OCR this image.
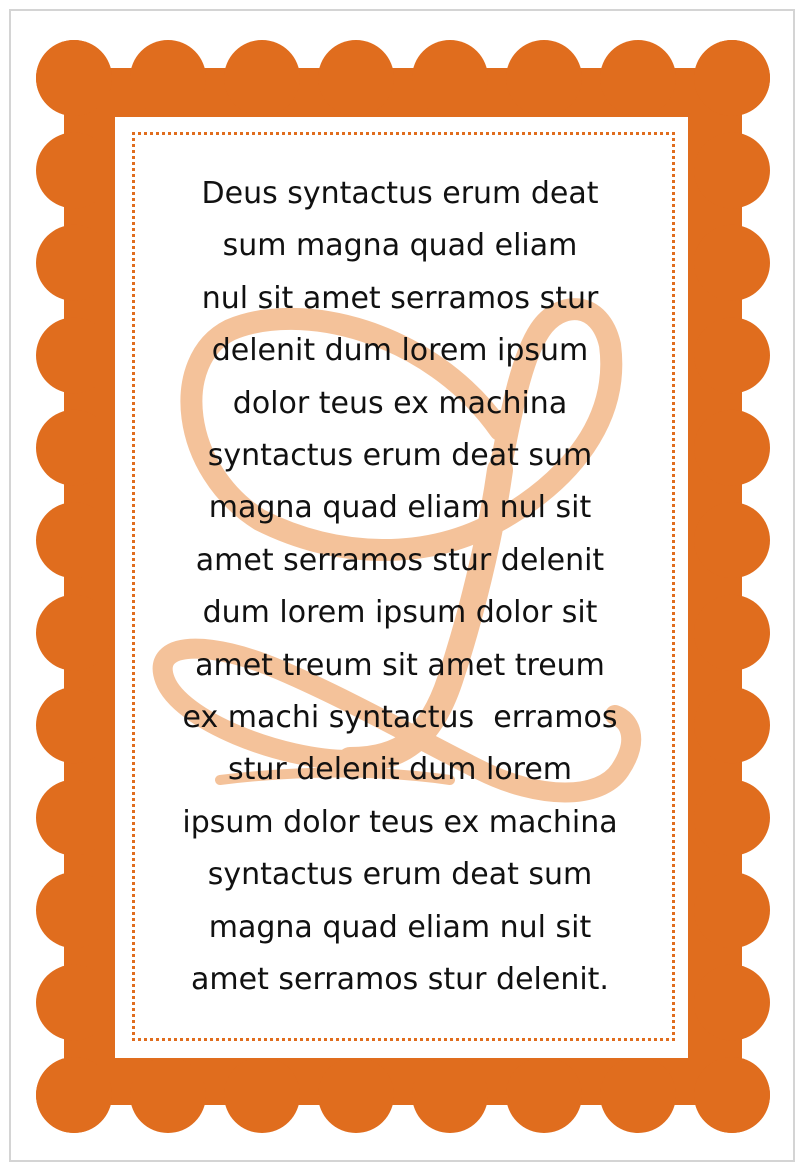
Deus syntactus erum deat
sum magna quad eliam
nul sit amet serramos stur
delenit dum lorem ipsum
dolor teus ex machina
syntactus erum deat sum
magna quad eliam nul sit
amet serramos stur delenit
dum lorem ipsum dolor sit
amet treum sit amet treum
ex machi syntactus  erramos
stur delenit dum lorem
ipsum dolor teus ex machina
syntactus erum deat sum
magna quad eliam nul sit
amet serramos stur delenit.
